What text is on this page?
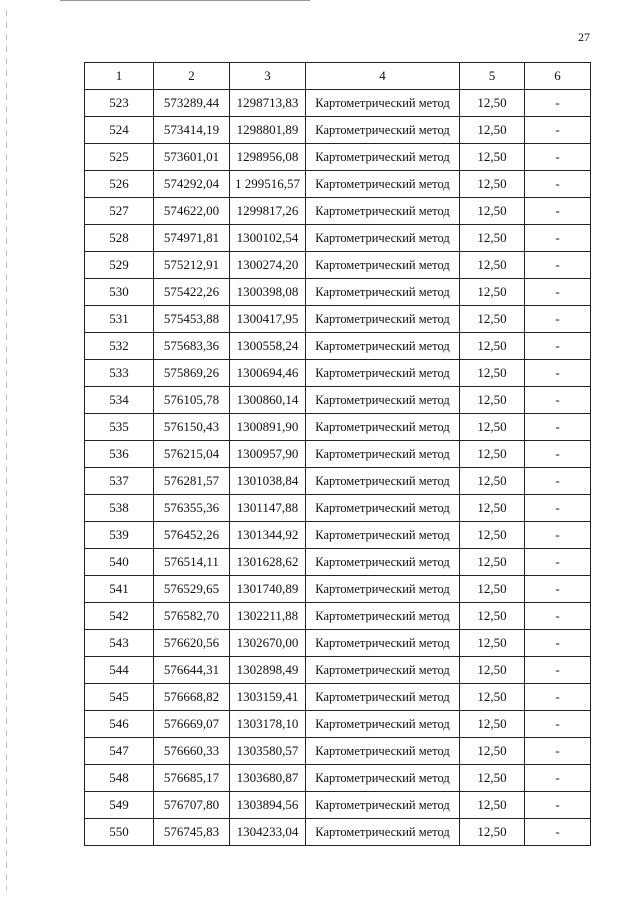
27
1	2	3	4	5	6
523	573289,44	1298713,83	Картометрический метод	12,50	-
524	573414,19	1298801,89	Картометрический метод	12,50	-
525	573601,01	1298956,08	Картометрический метод	12,50	-
526	574292,04	1 299516,57	Картометрический метод	12,50	-
527	574622,00	1299817,26	Картометрический метод	12,50	-
528	574971,81	1300102,54	Картометрический метод	12,50	-
529	575212,91	1300274,20	Картометрический метод	12,50	-
530	575422,26	1300398,08	Картометрический метод	12,50	-
531	575453,88	1300417,95	Картометрический метод	12,50	-
532	575683,36	1300558,24	Картометрический метод	12,50	-
533	575869,26	1300694,46	Картометрический метод	12,50	-
534	576105,78	1300860,14	Картометрический метод	12,50	-
535	576150,43	1300891,90	Картометрический метод	12,50	-
536	576215,04	1300957,90	Картометрический метод	12,50	-
537	576281,57	1301038,84	Картометрический метод	12,50	-
538	576355,36	1301147,88	Картометрический метод	12,50	-
539	576452,26	1301344,92	Картометрический метод	12,50	-
540	576514,11	1301628,62	Картометрический метод	12,50	-
541	576529,65	1301740,89	Картометрический метод	12,50	-
542	576582,70	1302211,88	Картометрический метод	12,50	-
543	576620,56	1302670,00	Картометрический метод	12,50	-
544	576644,31	1302898,49	Картометрический метод	12,50	-
545	576668,82	1303159,41	Картометрический метод	12,50	-
546	576669,07	1303178,10	Картометрический метод	12,50	-
547	576660,33	1303580,57	Картометрический метод	12,50	-
548	576685,17	1303680,87	Картометрический метод	12,50	-
549	576707,80	1303894,56	Картометрический метод	12,50	-
550	576745,83	1304233,04	Картометрический метод	12,50	-
